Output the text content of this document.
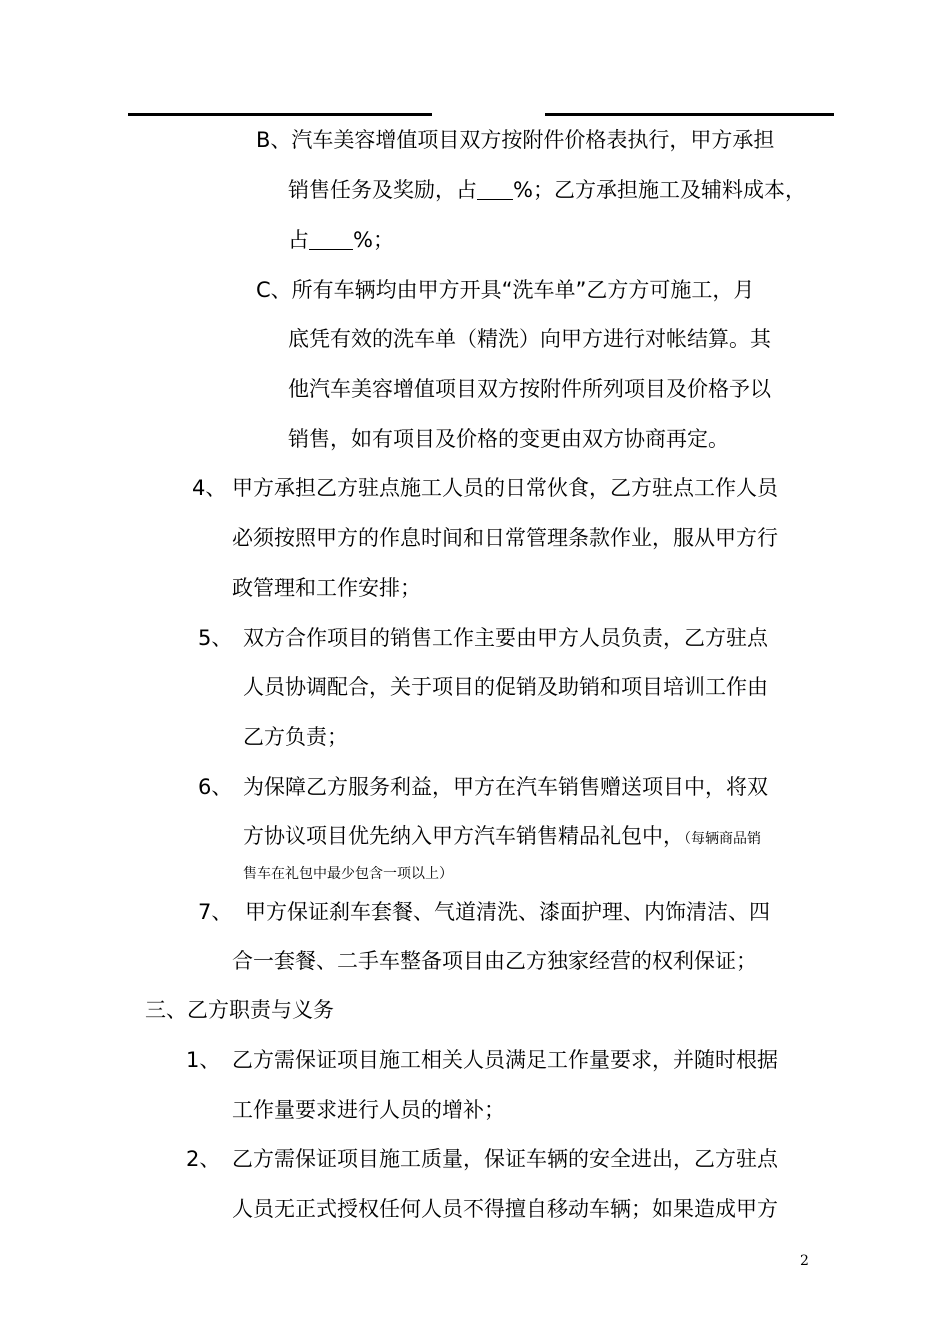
B、汽车美容增值项目双方按附件价格表执行，甲方承担
销售任务及奖励，占 %；乙方承担施工及辅料成本，
占 %；
C、所有车辆均由甲方开具“洗车单”乙方方可施工，月
底凭有效的洗车单（精洗）向甲方进行对帐结算。其
他汽车美容增值项目双方按附件所列项目及价格予以
销售，如有项目及价格的变更由双方协商再定。
4、 甲方承担乙方驻点施工人员的日常伙食，乙方驻点工作人员
必须按照甲方的作息时间和日常管理条款作业，服从甲方行
政管理和工作安排；
5、 双方合作项目的销售工作主要由甲方人员负责，乙方驻点
人员协调配合，关于项目的促销及助销和项目培训工作由
乙方负责；
6、 为保障乙方服务利益，甲方在汽车销售赠送项目中，将双
方协议项目优先纳入甲方汽车销售精品礼包中，（每辆商品销
售车在礼包中最少包含一项以上）
7、 甲方保证刹车套餐、气道清洗、漆面护理、内饰清洁、四
合一套餐、二手车整备项目由乙方独家经营的权利保证；
三、乙方职责与义务
1、 乙方需保证项目施工相关人员满足工作量要求，并随时根据
工作量要求进行人员的增补；
2、 乙方需保证项目施工质量，保证车辆的安全进出，乙方驻点
人员无正式授权任何人员不得擅自移动车辆；如果造成甲方
2
